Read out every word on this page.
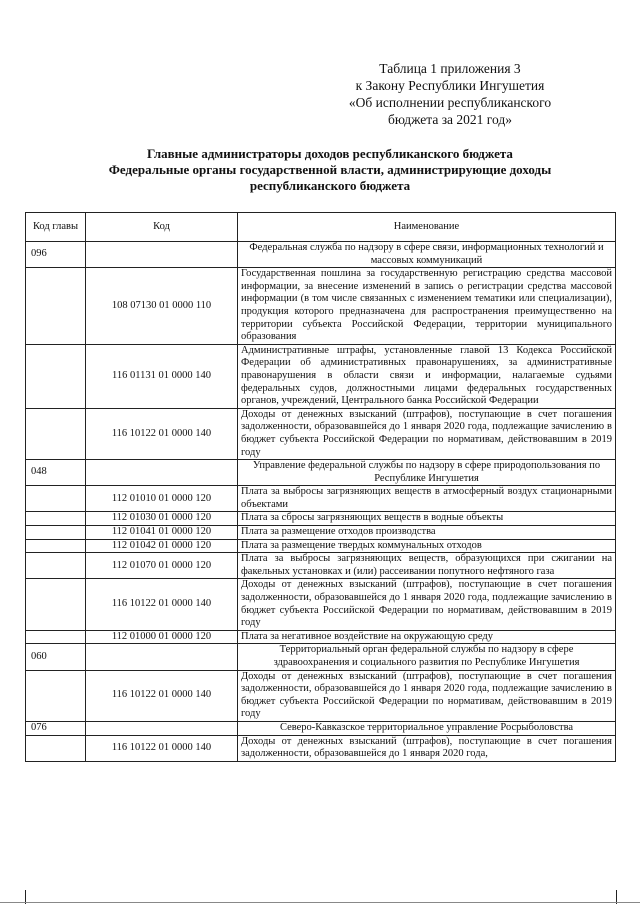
Таблица 1 приложения 3
к Закону Республики Ингушетия
«Об исполнении республиканского
бюджета за 2021 год»
Главные администраторы доходов республиканского бюджета
Федеральные органы государственной власти, администрирующие доходы
республиканского бюджета
Код главы	Код	Наименование
096		Федеральная служба по надзору в сфере связи, информационных технологий и массовых коммуникаций
	108 07130 01 0000 110	Государственная пошлина за государственную регистрацию средства массовой информации, за внесение изменений в запись о регистрации средства массовой информации (в том числе связанных с изменением тематики или специализации), продукция которого предназначена для распространения преимущественно на территории субъекта Российской Федерации, территории муниципального образования
	116 01131 01 0000 140	Административные штрафы, установленные главой 13 Кодекса Российской Федерации об административных правонарушениях, за административные правонарушения в области связи и информации, налагаемые судьями федеральных судов, должностными лицами федеральных государственных органов, учреждений, Центрального банка Российской Федерации
	116 10122 01 0000 140	Доходы от денежных взысканий (штрафов), поступающие в счет погашения задолженности, образовавшейся до 1 января 2020 года, подлежащие зачислению в бюджет субъекта Российской Федерации по нормативам, действовавшим в 2019 году
048		Управление федеральной службы по надзору в сфере природопользования по Республике Ингушетия
	112 01010 01 0000 120	Плата за выбросы загрязняющих веществ в атмосферный воздух стационарными объектами
	112 01030 01 0000 120	Плата за сбросы загрязняющих веществ в водные объекты
	112 01041 01 0000 120	Плата за размещение отходов производства
	112 01042 01 0000 120	Плата за размещение твердых коммунальных отходов
	112 01070 01 0000 120	Плата за выбросы загрязняющих веществ, образующихся при сжигании на факельных установках и (или) рассеивании попутного нефтяного газа
	116 10122 01 0000 140	Доходы от денежных взысканий (штрафов), поступающие в счет погашения задолженности, образовавшейся до 1 января 2020 года, подлежащие зачислению в бюджет субъекта Российской Федерации по нормативам, действовавшим в 2019 году
	112 01000 01 0000 120	Плата за негативное воздействие на окружающую среду
060		Территориальный орган федеральной службы по надзору в сфере здравоохранения и социального развития по Республике Ингушетия
	116 10122 01 0000 140	Доходы от денежных взысканий (штрафов), поступающие в счет погашения задолженности, образовавшейся до 1 января 2020 года, подлежащие зачислению в бюджет субъекта Российской Федерации по нормативам, действовавшим в 2019 году
076		Северо-Кавказское территориальное управление Росрыболовства
	116 10122 01 0000 140	Доходы от денежных взысканий (штрафов), поступающие в счет погашения задолженности, образовавшейся до 1 января 2020 года,
